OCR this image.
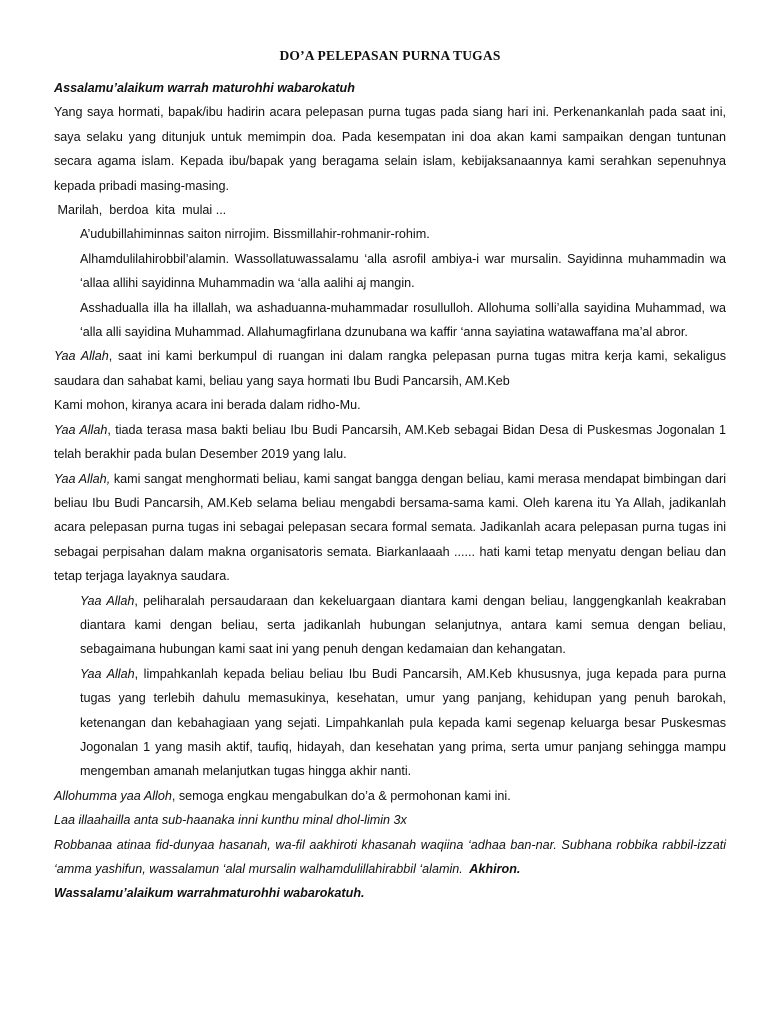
DO’A PELEPASAN PURNA TUGAS

Assalamu’alaikum warrah maturohhi wabarokatuh

Yang saya hormati, bapak/ibu hadirin acara pelepasan purna tugas pada siang hari ini. Perkenankanlah pada saat ini, saya selaku yang ditunjuk untuk memimpin doa. Pada kesempatan ini doa akan kami sampaikan dengan tuntunan secara agama islam. Kepada ibu/bapak yang beragama selain islam, kebijaksanaannya kami serahkan sepenuhnya kepada pribadi masing-masing.

Marilah,  berdoa  kita  mulai ...

A’udubillahiminnas saiton nirrojim. Bissmillahir-rohmanir-rohim.

Alhamdulilahirobbil’alamin. Wassollatuwassalamu ‘alla asrofil ambiya-i war mursalin. Sayidinna muhammadin wa ‘allaa allihi sayidinna Muhammadin wa ‘alla aalihi aj mangin.

Asshadualla illa ha illallah, wa ashaduanna-muhammadar rosullulloh. Allohuma solli’alla sayidina Muhammad, wa ‘alla alli sayidina Muhammad. Allahumagfirlana dzunubana wa kaffir ‘anna sayiatina watawaffana ma’al abror.

Yaa Allah, saat ini kami berkumpul di ruangan ini dalam rangka pelepasan purna tugas mitra kerja kami, sekaligus saudara dan sahabat kami, beliau yang saya hormati Ibu Budi Pancarsih, AM.Keb

Kami mohon, kiranya acara ini berada dalam ridho-Mu.

Yaa Allah, tiada terasa masa bakti beliau Ibu Budi Pancarsih, AM.Keb sebagai Bidan Desa di Puskesmas Jogonalan 1 telah berakhir pada bulan Desember 2019 yang lalu.

Yaa Allah, kami sangat menghormati beliau, kami sangat bangga dengan beliau, kami merasa mendapat bimbingan dari beliau Ibu Budi Pancarsih, AM.Keb selama beliau mengabdi bersama-sama kami. Oleh karena itu Ya Allah, jadikanlah acara pelepasan purna tugas ini sebagai pelepasan secara formal semata. Jadikanlah acara pelepasan purna tugas ini sebagai perpisahan dalam makna organisatoris semata. Biarkanlaaah ...... hati kami tetap menyatu dengan beliau dan tetap terjaga layaknya saudara.

Yaa Allah, peliharalah persaudaraan dan kekeluargaan diantara kami dengan beliau, langgengkanlah keakraban diantara kami dengan beliau, serta jadikanlah hubungan selanjutnya, antara kami semua dengan beliau, sebagaimana hubungan kami saat ini yang penuh dengan kedamaian dan kehangatan.

Yaa Allah, limpahkanlah kepada beliau beliau Ibu Budi Pancarsih, AM.Keb khususnya, juga kepada para purna tugas yang terlebih dahulu memasukinya, kesehatan, umur yang panjang, kehidupan yang penuh barokah, ketenangan dan kebahagiaan yang sejati. Limpahkanlah pula kepada kami segenap keluarga besar Puskesmas Jogonalan 1 yang masih aktif, taufiq, hidayah, dan kesehatan yang prima, serta umur panjang sehingga mampu mengemban amanah melanjutkan tugas hingga akhir nanti.

Allohumma yaa Alloh, semoga engkau mengabulkan do’a & permohonan kami ini.

Laa illaahailla anta sub-haanaka inni kunthu minal dhol-limin 3x

Robbanaa atinaa fid-dunyaa hasanah, wa-fil aakhiroti khasanah waqiina ‘adhaa ban-nar. Subhana robbika rabbil-izzati ‘amma yashifun, wassalamun ‘alal mursalin walhamdulillahirabbil ‘alamin.  Akhiron.

Wassalamu’alaikum warrahmaturohhi wabarokatuh.
